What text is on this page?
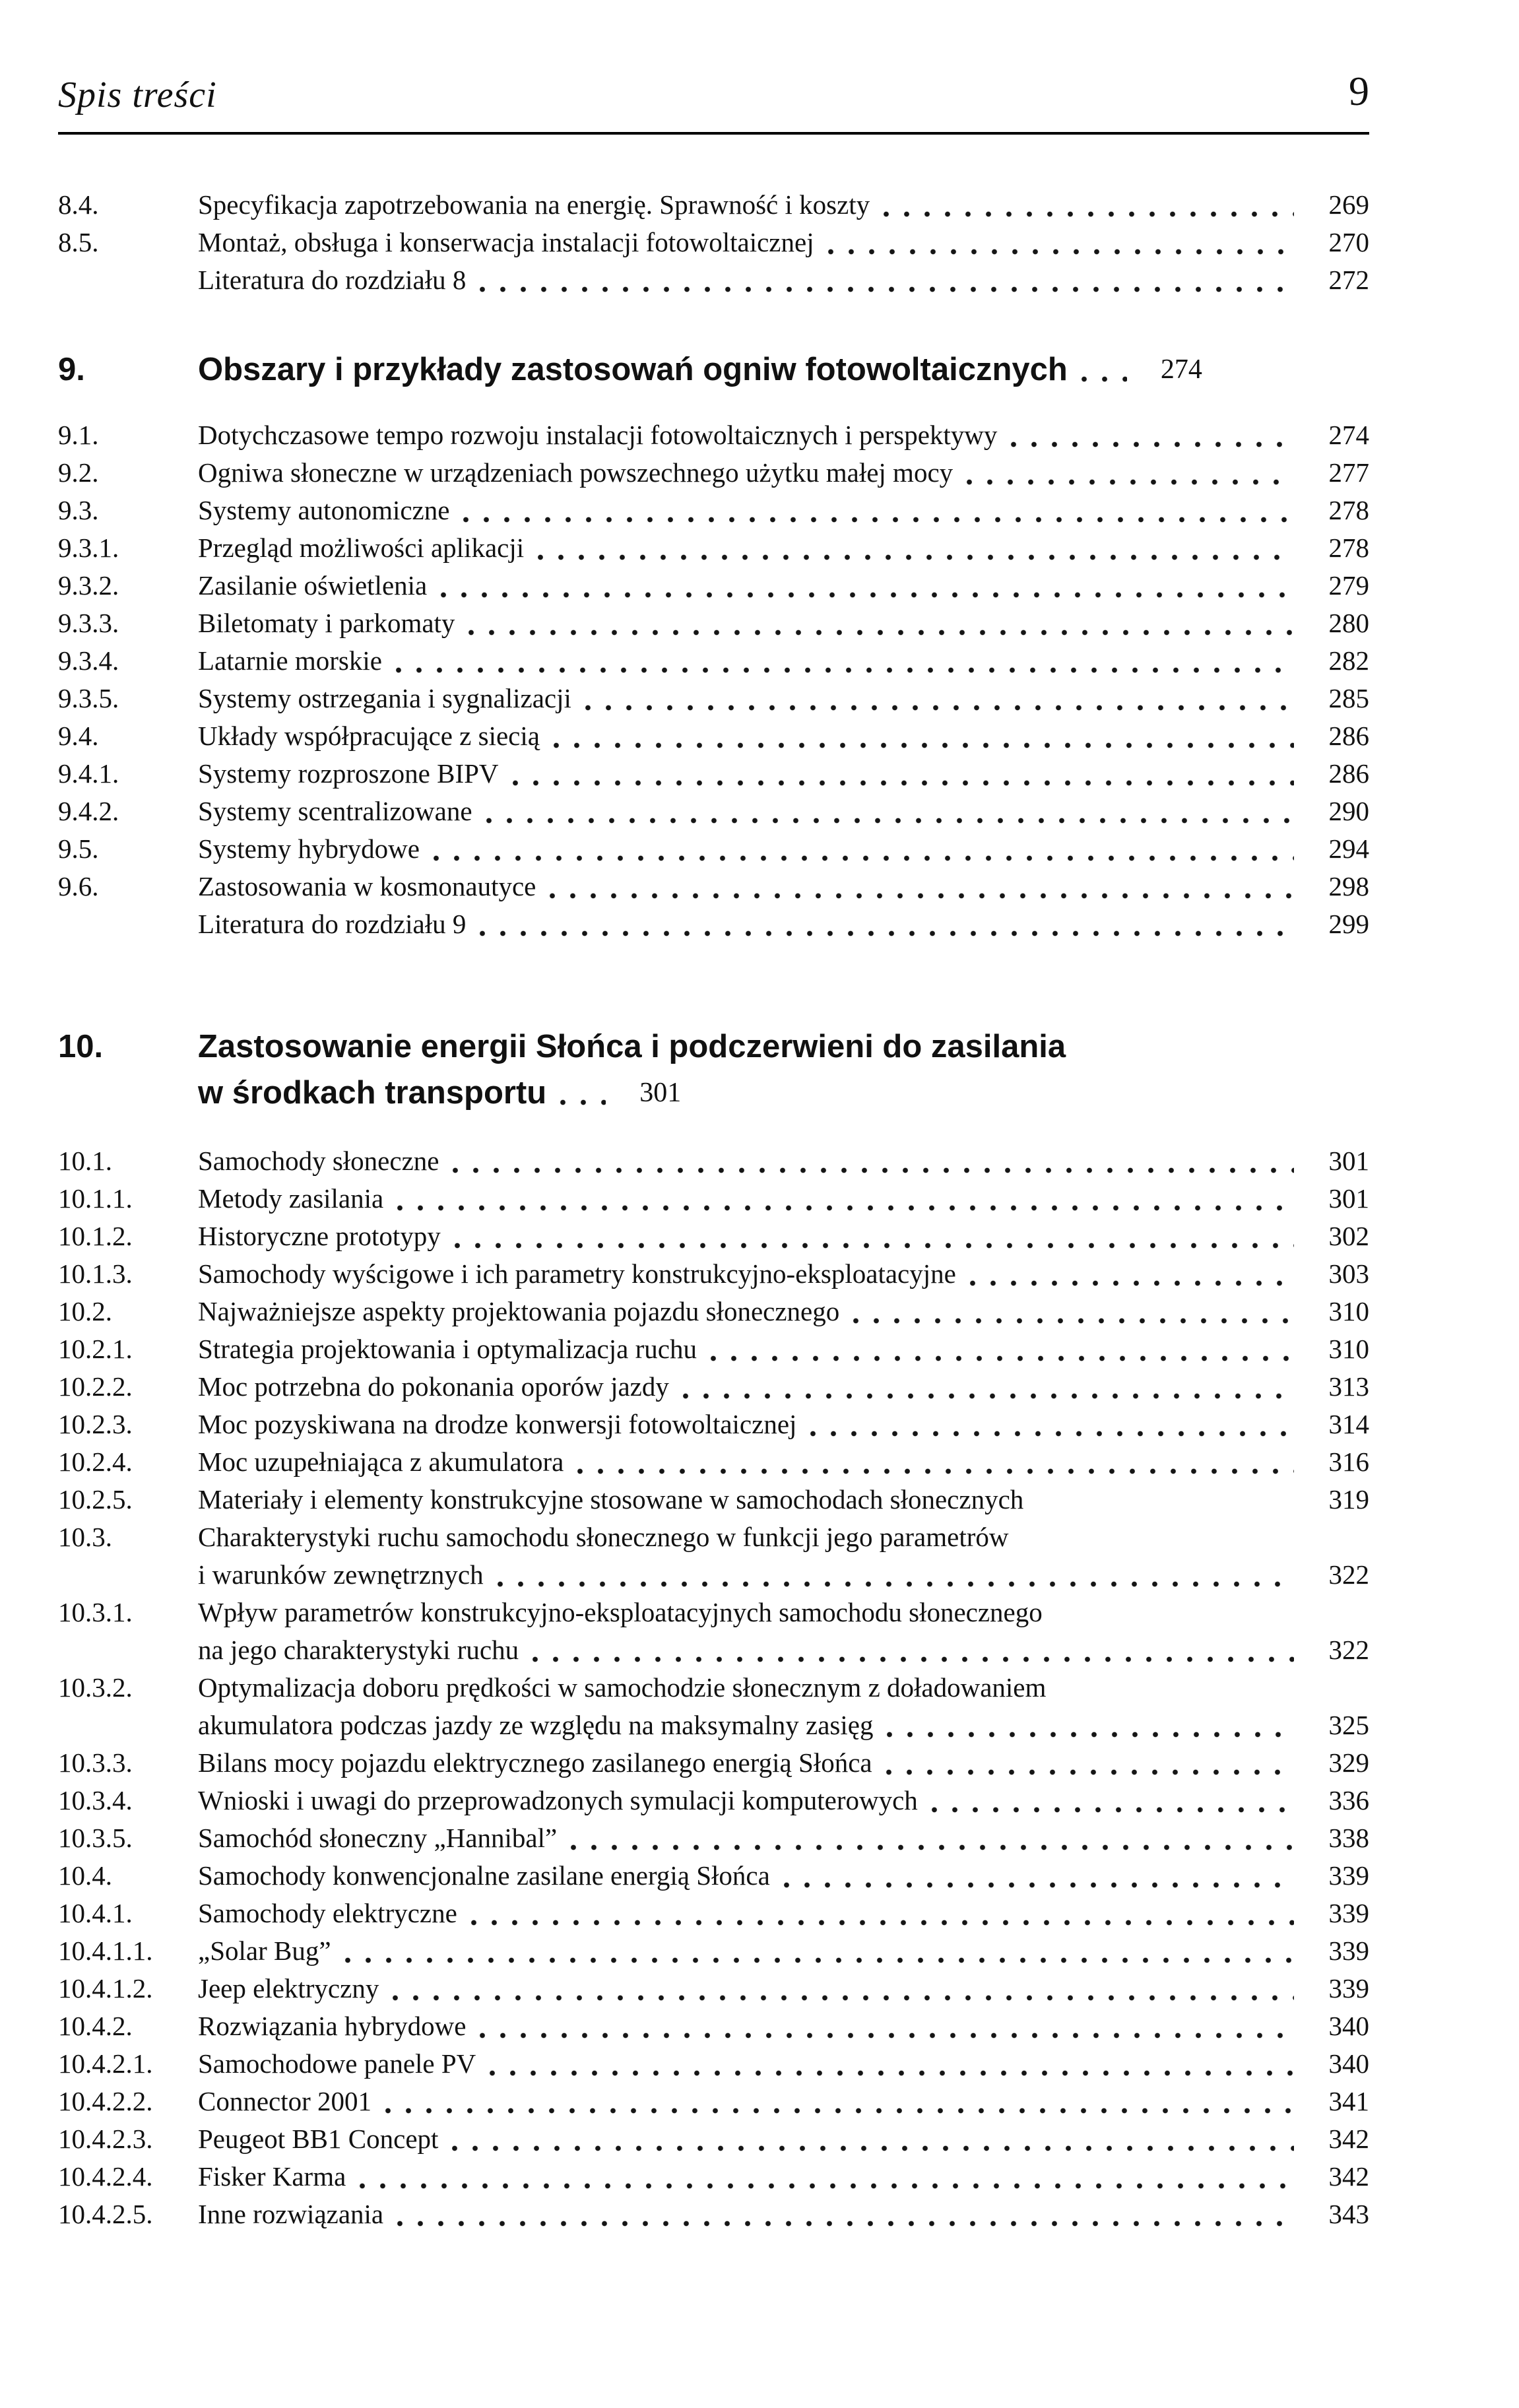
Spis treści	9
8.4.	Specyfikacja zapotrzebowania na energię. Sprawność i koszty	269
8.5.	Montaż, obsługa i konserwacja instalacji fotowoltaicznej	270
Literatura do rozdziału 8	272
9.	Obszary i przykłady zastosowań ogniw fotowoltaicznych	274
9.1.	Dotychczasowe tempo rozwoju instalacji fotowoltaicznych i perspektywy	274
9.2.	Ogniwa słoneczne w urządzeniach powszechnego użytku małej mocy	277
9.3.	Systemy autonomiczne	278
9.3.1.	Przegląd możliwości aplikacji	278
9.3.2.	Zasilanie oświetlenia	279
9.3.3.	Biletomaty i parkomaty	280
9.3.4.	Latarnie morskie	282
9.3.5.	Systemy ostrzegania i sygnalizacji	285
9.4.	Układy współpracujące z siecią	286
9.4.1.	Systemy rozproszone BIPV	286
9.4.2.	Systemy scentralizowane	290
9.5.	Systemy hybrydowe	294
9.6.	Zastosowania w kosmonautyce	298
Literatura do rozdziału 9	299
10.	Zastosowanie energii Słońca i podczerwieni do zasilania
w środkach transportu	301
10.1.	Samochody słoneczne	301
10.1.1.	Metody zasilania	301
10.1.2.	Historyczne prototypy	302
10.1.3.	Samochody wyścigowe i ich parametry konstrukcyjno-eksploatacyjne	303
10.2.	Najważniejsze aspekty projektowania pojazdu słonecznego	310
10.2.1.	Strategia projektowania i optymalizacja ruchu	310
10.2.2.	Moc potrzebna do pokonania oporów jazdy	313
10.2.3.	Moc pozyskiwana na drodze konwersji fotowoltaicznej	314
10.2.4.	Moc uzupełniająca z akumulatora	316
10.2.5.	Materiały i elementy konstrukcyjne stosowane w samochodach słonecznych	319
10.3.	Charakterystyki ruchu samochodu słonecznego w funkcji jego parametrów
i warunków zewnętrznych	322
10.3.1.	Wpływ parametrów konstrukcyjno-eksploatacyjnych samochodu słonecznego
na jego charakterystyki ruchu	322
10.3.2.	Optymalizacja doboru prędkości w samochodzie słonecznym z doładowaniem
akumulatora podczas jazdy ze względu na maksymalny zasięg	325
10.3.3.	Bilans mocy pojazdu elektrycznego zasilanego energią Słońca	329
10.3.4.	Wnioski i uwagi do przeprowadzonych symulacji komputerowych	336
10.3.5.	Samochód słoneczny „Hannibal”	338
10.4.	Samochody konwencjonalne zasilane energią Słońca	339
10.4.1.	Samochody elektryczne	339
10.4.1.1.	„Solar Bug”	339
10.4.1.2.	Jeep elektryczny	339
10.4.2.	Rozwiązania hybrydowe	340
10.4.2.1.	Samochodowe panele PV	340
10.4.2.2.	Connector 2001	341
10.4.2.3.	Peugeot BB1 Concept	342
10.4.2.4.	Fisker Karma	342
10.4.2.5.	Inne rozwiązania	343
